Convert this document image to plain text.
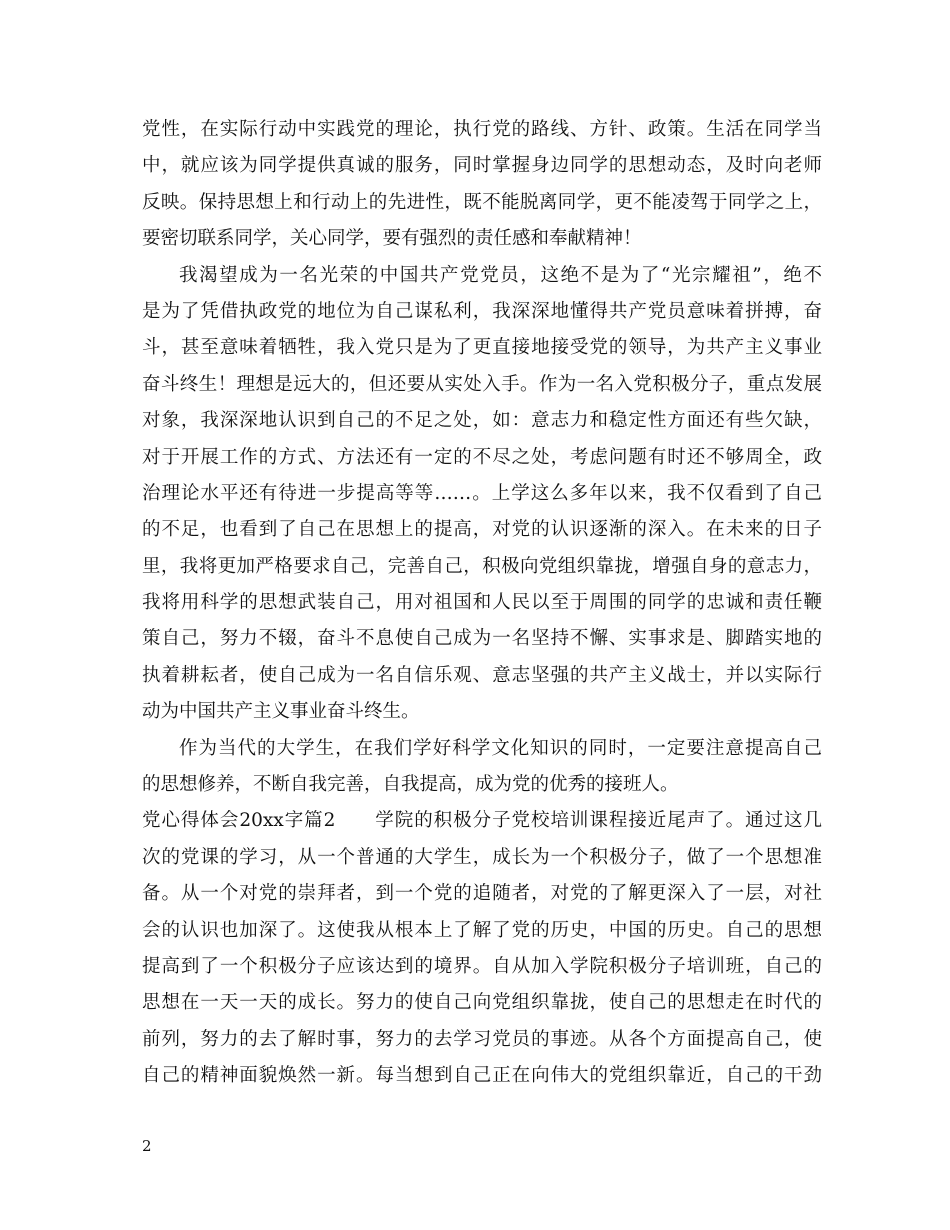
党性，在实际行动中实践党的理论，执行党的路线、方针、政策。生活在同学当
中，就应该为同学提供真诚的服务，同时掌握身边同学的思想动态，及时向老师
反映。保持思想上和行动上的先进性，既不能脱离同学，更不能凌驾于同学之上，
要密切联系同学，关心同学，要有强烈的责任感和奉献精神！
我渴望成为一名光荣的中国共产党党员，这绝不是为了“光宗耀祖”，绝不
是为了凭借执政党的地位为自己谋私利，我深深地懂得共产党员意味着拼搏，奋
斗，甚至意味着牺牲，我入党只是为了更直接地接受党的领导，为共产主义事业
奋斗终生！理想是远大的，但还要从实处入手。作为一名入党积极分子，重点发展
对象，我深深地认识到自己的不足之处，如：意志力和稳定性方面还有些欠缺，
对于开展工作的方式、方法还有一定的不尽之处，考虑问题有时还不够周全，政
治理论水平还有待进一步提高等等……。上学这么多年以来，我不仅看到了自己
的不足，也看到了自己在思想上的提高，对党的认识逐渐的深入。在未来的日子
里，我将更加严格要求自己，完善自己，积极向党组织靠拢，增强自身的意志力，
我将用科学的思想武装自己，用对祖国和人民以至于周围的同学的忠诚和责任鞭
策自己，努力不辍，奋斗不息使自己成为一名坚持不懈、实事求是、脚踏实地的
执着耕耘者，使自己成为一名自信乐观、意志坚强的共产主义战士，并以实际行
动为中国共产主义事业奋斗终生。
作为当代的大学生，在我们学好科学文化知识的同时，一定要注意提高自己
的思想修养，不断自我完善，自我提高，成为党的优秀的接班人。
党心得体会20xx字篇2　　学院的积极分子党校培训课程接近尾声了。通过这几
次的党课的学习，从一个普通的大学生，成长为一个积极分子，做了一个思想准
备。从一个对党的崇拜者，到一个党的追随者，对党的了解更深入了一层，对社
会的认识也加深了。这使我从根本上了解了党的历史，中国的历史。自己的思想
提高到了一个积极分子应该达到的境界。自从加入学院积极分子培训班，自己的
思想在一天一天的成长。努力的使自己向党组织靠拢，使自己的思想走在时代的
前列，努力的去了解时事，努力的去学习党员的事迹。从各个方面提高自己，使
自己的精神面貌焕然一新。每当想到自己正在向伟大的党组织靠近，自己的干劲
2
